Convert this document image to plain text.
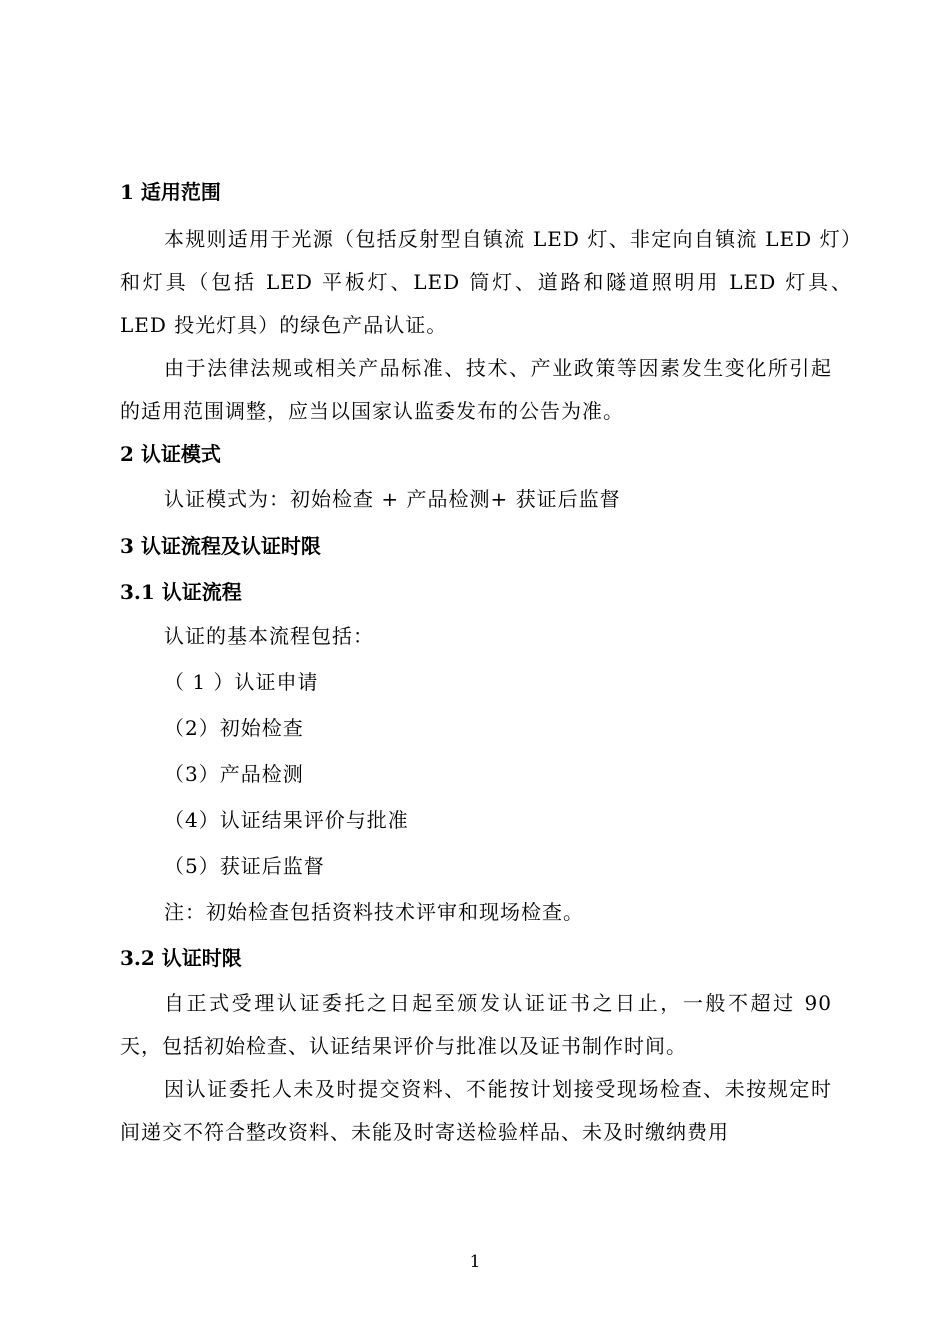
1 适用范围
本规则适用于光源（包括反射型自镇流 LED 灯、非定向自镇流 LED 灯）和灯具（包括 LED 平板灯、LED 筒灯、道路和隧道照明用 LED 灯具、 LED 投光灯具）的绿色产品认证。
由于法律法规或相关产品标准、技术、产业政策等因素发生变化所引起的适用范围调整，应当以国家认监委发布的公告为准。
2 认证模式
认证模式为：初始检查 + 产品检测+ 获证后监督
3 认证流程及认证时限
3.1 认证流程
认证的基本流程包括：
（ 1 ）认证申请
（2）初始检查
（3）产品检测
（4）认证结果评价与批准
（5）获证后监督
注：初始检查包括资料技术评审和现场检查。
3.2 认证时限
自正式受理认证委托之日起至颁发认证证书之日止，一般不超过 90 天，包括初始检查、认证结果评价与批准以及证书制作时间。
因认证委托人未及时提交资料、不能按计划接受现场检查、未按规定时间递交不符合整改资料、未能及时寄送检验样品、未及时缴纳费用
1
